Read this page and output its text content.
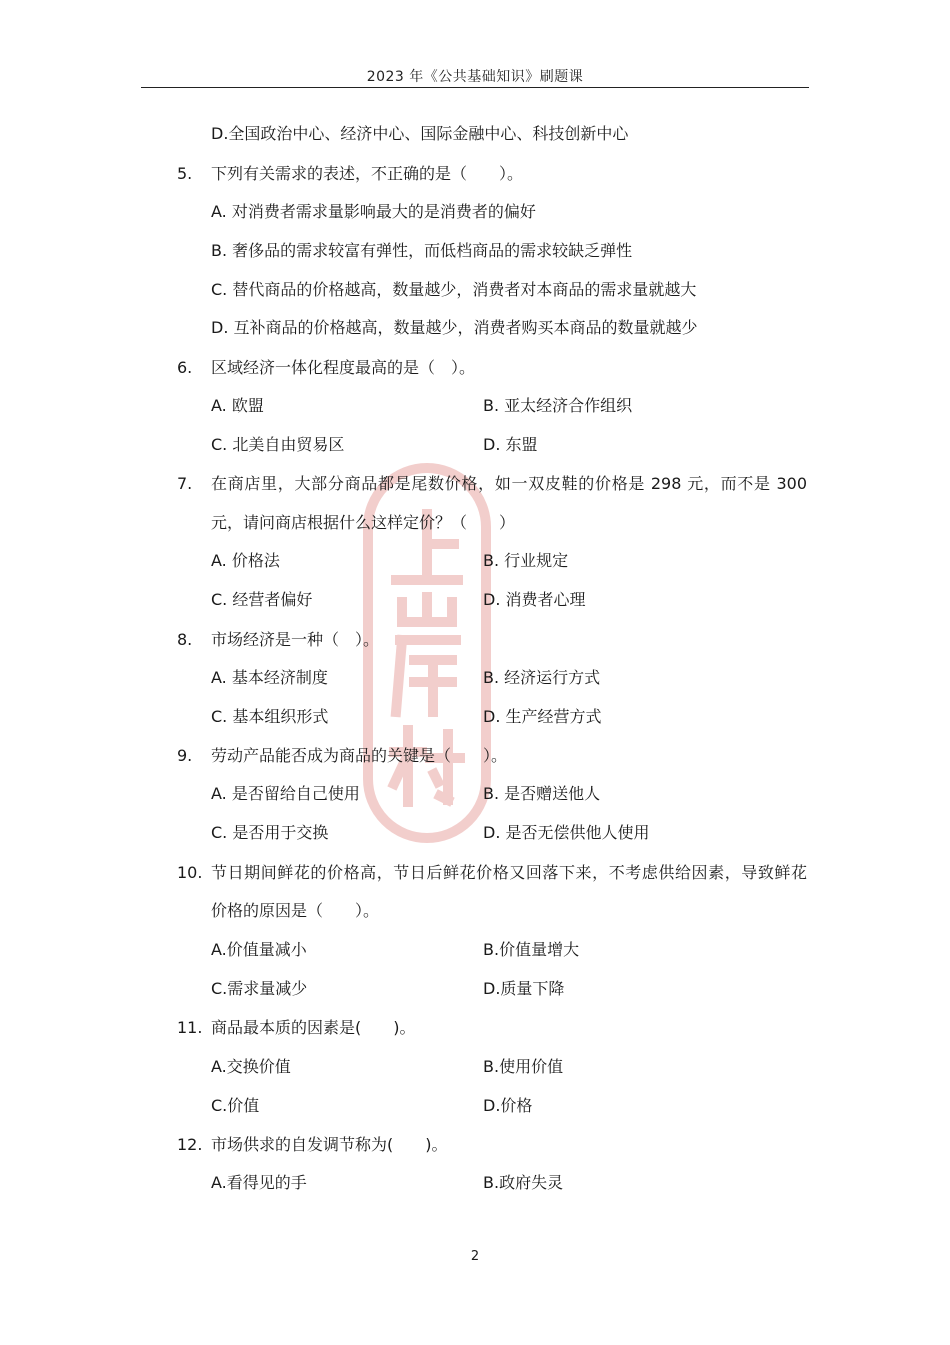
2023 年《公共基础知识》刷题课
D.全国政治中心、经济中心、国际金融中心、科技创新中心
5. 下列有关需求的表述，不正确的是（　　）。
A. 对消费者需求量影响最大的是消费者的偏好
B. 奢侈品的需求较富有弹性，而低档商品的需求较缺乏弹性
C. 替代商品的价格越高，数量越少，消费者对本商品的需求量就越大
D. 互补商品的价格越高，数量越少，消费者购买本商品的数量就越少
6. 区域经济一体化程度最高的是（　）。
A. 欧盟	B. 亚太经济合作组织
C. 北美自由贸易区	D. 东盟
7. 在商店里，大部分商品都是尾数价格，如一双皮鞋的价格是 298 元，而不是 300
元，请问商店根据什么这样定价？（　　）
A. 价格法	B. 行业规定
C. 经营者偏好	D. 消费者心理
8. 市场经济是一种（　）。
A. 基本经济制度	B. 经济运行方式
C. 基本组织形式	D. 生产经营方式
9. 劳动产品能否成为商品的关键是（　　）。
A. 是否留给自己使用	B. 是否赠送他人
C. 是否用于交换	D. 是否无偿供他人使用
10. 节日期间鲜花的价格高，节日后鲜花价格又回落下来，不考虑供给因素，导致鲜花
价格的原因是（　　）。
A.价值量减小	B.价值量增大
C.需求量减少	D.质量下降
11. 商品最本质的因素是(　　)。
A.交换价值	B.使用价值
C.价值	D.价格
12. 市场供求的自发调节称为(　　)。
A.看得见的手	B.政府失灵
2
